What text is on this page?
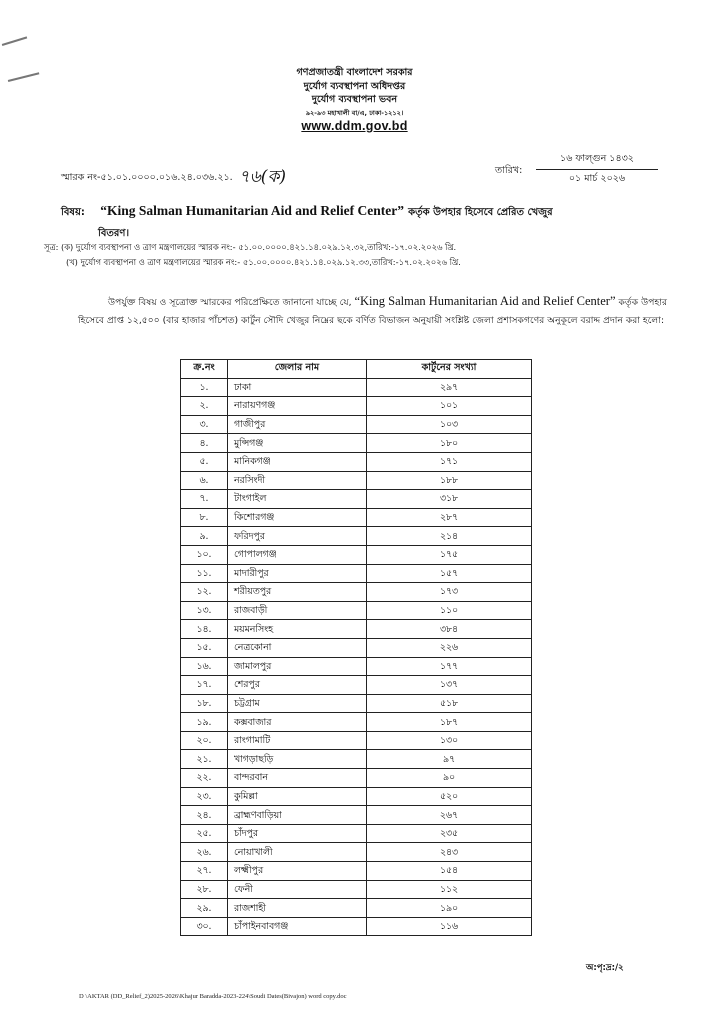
গণপ্রজাতন্ত্রী বাংলাদেশ সরকার
দুর্যোগ ব্যবস্থাপনা অধিদপ্তর
দুর্যোগ ব্যবস্থাপনা ভবন
৯২-৯৩ মহাখালী বা/এ, ঢাকা-১২১২।
www.ddm.gov.bd
স্মারক নং-৫১.০১.০০০০.০১৬.২৪.০৩৬.২১. ৭৬(ক)	তারিখ:
১৬ ফাল্গুন ১৪৩২
০১ মার্চ ২০২৬
বিষয়: “King Salman Humanitarian Aid and Relief Center” কর্তৃক উপহার হিসেবে প্রেরিত খেজুর
বিতরণ।
সূত্র: (ক) দুর্যোগ ব্যবস্থাপনা ও ত্রাণ মন্ত্রণালয়ের স্মারক নং:- ৫১.০০.০০০০.৪২১.১৪.০২৯.১২.৩২,তারিখ:-১৭.০২.২০২৬ খ্রি.
(খ) দুর্যোগ ব্যবস্থাপনা ও ত্রাণ মন্ত্রণালয়ের স্মারক নং:- ৫১.০০.০০০০.৪২১.১৪.০২৯.১২.৩৩,তারিখ:-১৭.০২.২০২৬ খ্রি.
উপর্যুক্ত বিষয় ও সূত্রোক্ত স্মারকের পরিপ্রেক্ষিতে জানানো যাচ্ছে যে, “King Salman Humanitarian Aid and Relief Center” কর্তৃক উপহার হিসেবে প্রাপ্ত ১২,৫০০ (বার হাজার পাঁচশত) কার্টুন সৌদি খেজুর নিম্নের ছকে বর্ণিত বিভাজন অনুযায়ী সংশ্লিষ্ট জেলা প্রশাসকগণের অনুকূলে বরাদ্দ প্রদান করা হলো:
ক্র.নং	জেলার নাম	কার্টুনের সংখ্যা
১.	ঢাকা	২৯৭
২.	নারায়ণগঞ্জ	১০১
৩.	গাজীপুর	১০৩
৪.	মুন্সিগঞ্জ	১৮০
৫.	মানিকগঞ্জ	১৭১
৬.	নরসিংদী	১৮৮
৭.	টাংগাইল	৩১৮
৮.	কিশোরগঞ্জ	২৮৭
৯.	ফরিদপুর	২১৪
১০.	গোপালগঞ্জ	১৭৫
১১.	মাদারীপুর	১৫৭
১২.	শরীয়তপুর	১৭৩
১৩.	রাজবাড়ী	১১০
১৪.	ময়মনসিংহ	৩৮৪
১৫.	নেত্রকোনা	২২৬
১৬.	জামালপুর	১৭৭
১৭.	শেরপুর	১৩৭
১৮.	চট্টগ্রাম	৫১৮
১৯.	কক্সবাজার	১৮৭
২০.	রাংগামাটি	১৩০
২১.	খাগড়াছড়ি	৯৭
২২.	বান্দরবান	৯০
২৩.	কুমিল্লা	৫২০
২৪.	ব্রাহ্মণবাড়িয়া	২৬৭
২৫.	চাঁদপুর	২৩৫
২৬.	নোয়াখালী	২৪৩
২৭.	লক্ষ্মীপুর	১৫৪
২৮.	ফেনী	১১২
২৯.	রাজশাহী	১৯০
৩০.	চাঁপাইনবাবগঞ্জ	১১৬
অ:পৃ:দ্র:/২
D \AKTAR (DD_Relief_2)2025-2026\Khajur Baradda-2023-224\Soudi Dates(Bivajon) word copy.doc
